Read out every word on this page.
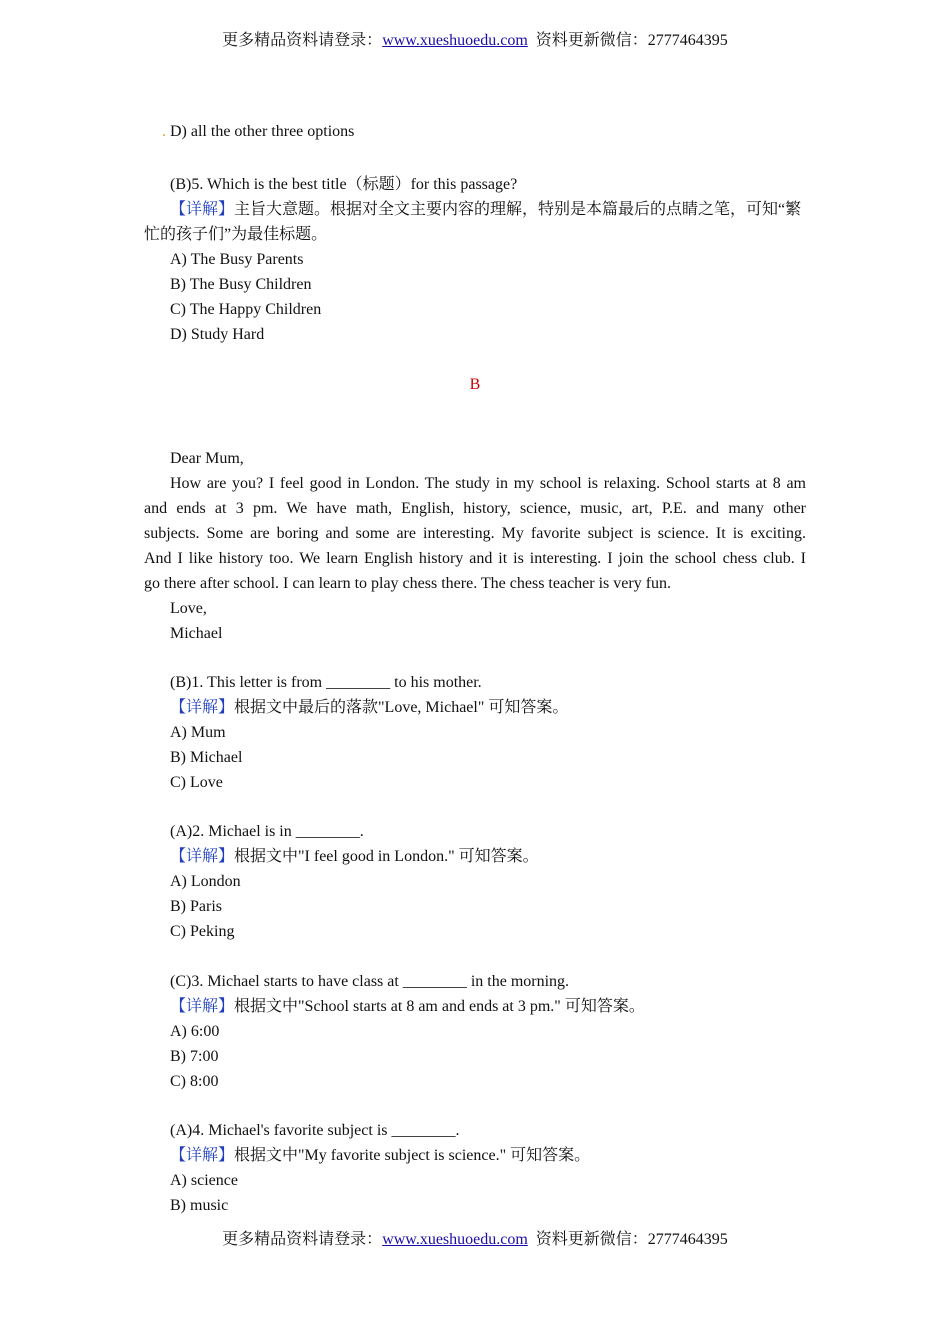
更多精品资料请登录：www.xueshuoedu.com 资料更新微信：2777464395
. D) all the other three options
(B)5. Which is the best title（标题）for this passage?
【详解】主旨大意题。根据对全文主要内容的理解，特别是本篇最后的点睛之笔，可知“繁
忙的孩子们”为最佳标题。
A) The Busy Parents
B) The Busy Children
C) The Happy Children
D) Study Hard
B
Dear Mum,
How are you? I feel good in London. The study in my school is relaxing. School starts at 8 am
and ends at 3 pm. We have math, English, history, science, music, art, P.E. and many other
subjects. Some are boring and some are interesting. My favorite subject is science. It is exciting.
And I like history too. We learn English history and it is interesting. I join the school chess club. I
go there after school. I can learn to play chess there. The chess teacher is very fun.
Love,
Michael
(B)1. This letter is from ________ to his mother.
【详解】根据文中最后的落款"Love, Michael" 可知答案。
A) Mum
B) Michael
C) Love
(A)2. Michael is in ________.
【详解】根据文中"I feel good in London." 可知答案。
A) London
B) Paris
C) Peking
(C)3. Michael starts to have class at ________ in the morning.
【详解】根据文中"School starts at 8 am and ends at 3 pm." 可知答案。
A) 6:00
B) 7:00
C) 8:00
(A)4. Michael's favorite subject is ________.
【详解】根据文中"My favorite subject is science." 可知答案。
A) science
B) music
更多精品资料请登录：www.xueshuoedu.com 资料更新微信：2777464395
